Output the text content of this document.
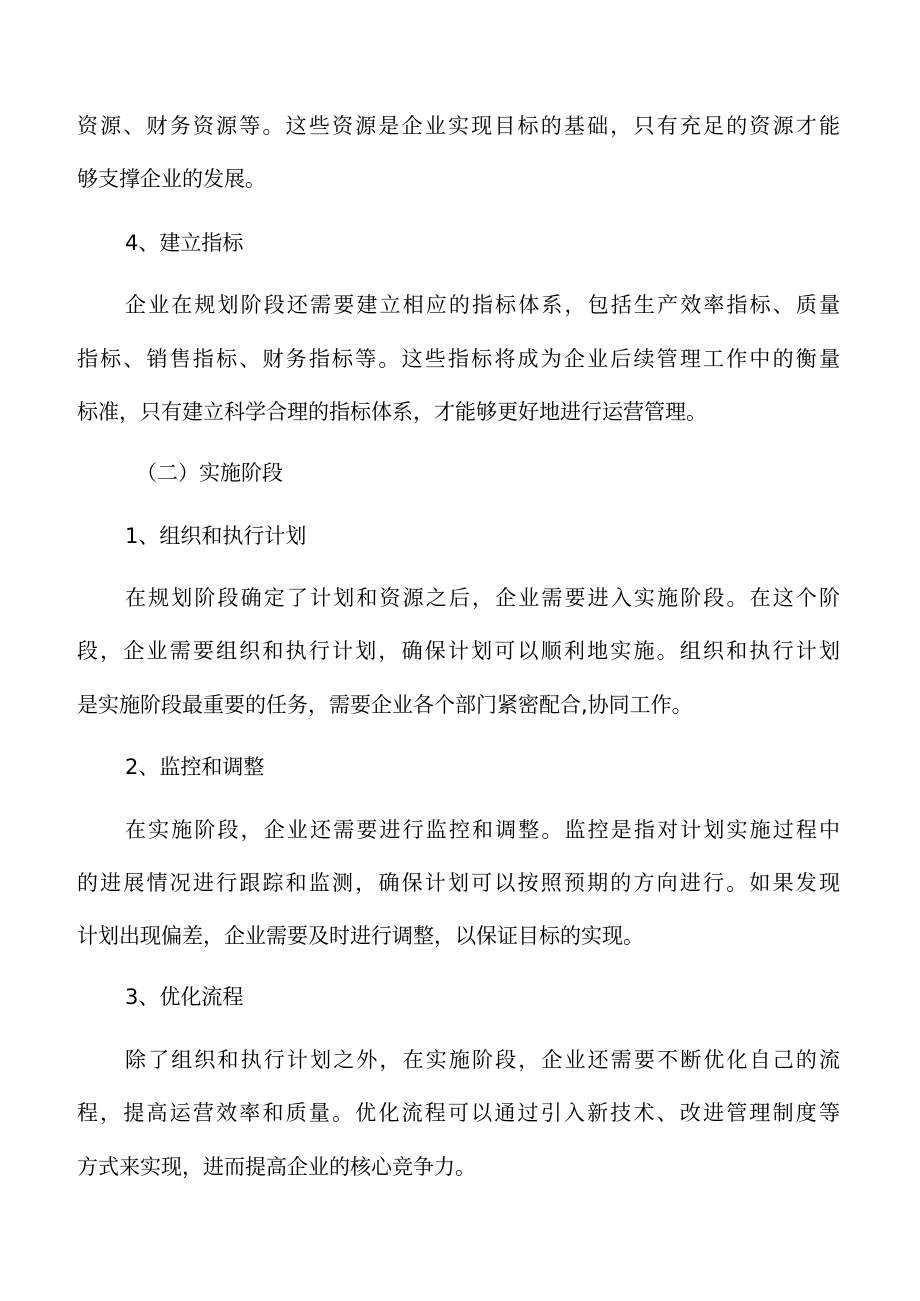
资源、财务资源等。这些资源是企业实现目标的基础，只有充足的资源才能
够支撑企业的发展。
4、建立指标
企业在规划阶段还需要建立相应的指标体系，包括生产效率指标、质量
指标、销售指标、财务指标等。这些指标将成为企业后续管理工作中的衡量
标准，只有建立科学合理的指标体系，才能够更好地进行运营管理。
（二）实施阶段
1、组织和执行计划
在规划阶段确定了计划和资源之后，企业需要进入实施阶段。在这个阶
段，企业需要组织和执行计划，确保计划可以顺利地实施。组织和执行计划
是实施阶段最重要的任务，需要企业各个部门紧密配合,协同工作。
2、监控和调整
在实施阶段，企业还需要进行监控和调整。监控是指对计划实施过程中
的进展情况进行跟踪和监测，确保计划可以按照预期的方向进行。如果发现
计划出现偏差，企业需要及时进行调整，以保证目标的实现。
3、优化流程
除了组织和执行计划之外，在实施阶段，企业还需要不断优化自己的流
程，提高运营效率和质量。优化流程可以通过引入新技术、改进管理制度等
方式来实现，进而提高企业的核心竞争力。
